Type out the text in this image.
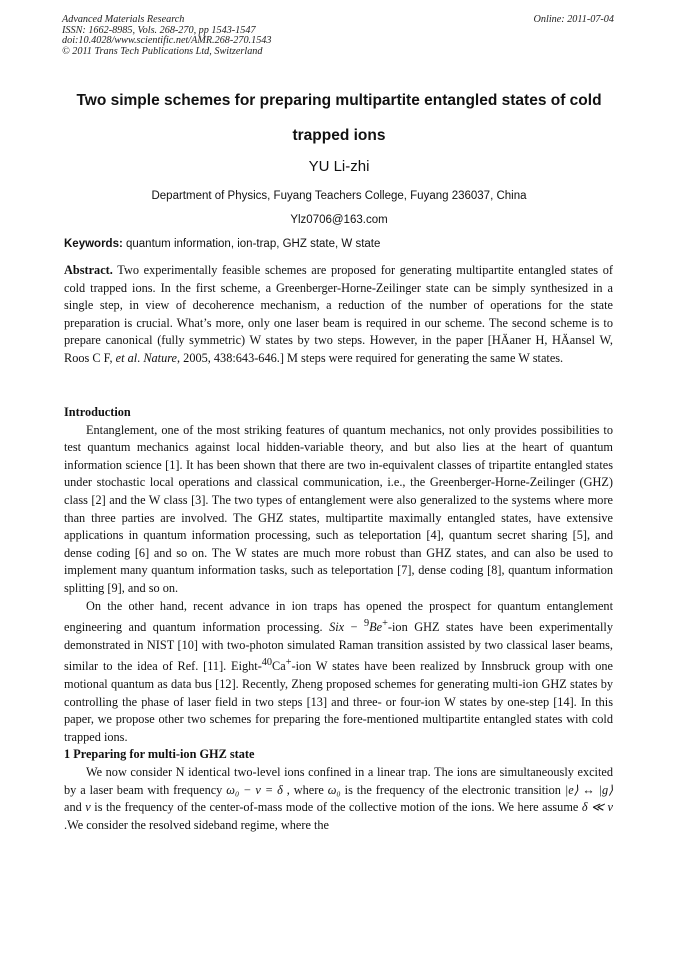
Advanced Materials Research
ISSN: 1662-8985, Vols. 268-270, pp 1543-1547
doi:10.4028/www.scientific.net/AMR.268-270.1543
© 2011 Trans Tech Publications Ltd, Switzerland
Online: 2011-07-04
Two simple schemes for preparing multipartite entangled states of cold
trapped ions
YU Li-zhi
Department of Physics, Fuyang Teachers College, Fuyang 236037, China
Ylz0706@163.com
Keywords: quantum information, ion-trap, GHZ state, W state

Abstract. Two experimentally feasible schemes are proposed for generating multipartite entangled states of cold trapped ions. In the first scheme, a Greenberger-Horne-Zeilinger state can be simply synthesized in a single step, in view of decoherence mechanism, a reduction of the number of operations for the state preparation is crucial. What’s more, only one laser beam is required in our scheme. The second scheme is to prepare canonical (fully symmetric) W states by two steps. However, in the paper [HÄaner H, HÄansel W, Roos C F, et al. Nature, 2005, 438:643-646.] M steps were required for generating the same W states.

Introduction

Entanglement, one of the most striking features of quantum mechanics, not only provides possibilities to test quantum mechanics against local hidden-variable theory, and but also lies at the heart of quantum information science [1]. It has been shown that there are two in-equivalent classes of tripartite entangled states under stochastic local operations and classical communication, i.e., the Greenberger-Horne-Zeilinger (GHZ) class [2] and the W class [3]. The two types of entanglement were also generalized to the systems where more than three parties are involved. The GHZ states, multipartite maximally entangled states, have extensive applications in quantum information processing, such as teleportation [4], quantum secret sharing [5], and dense coding [6] and so on. The W states are much more robust than GHZ states, and can also be used to implement many quantum information tasks, such as teleportation [7], dense coding [8], quantum information splitting [9], and so on.

On the other hand, recent advance in ion traps has opened the prospect for quantum entanglement engineering and quantum information processing. Six − $^9$Be+-ion GHZ states have been experimentally demonstrated in NIST [10] with two-photon simulated Raman transition assisted by two classical laser beams, similar to the idea of Ref. [11]. Eight-$^{40}$Ca+-ion W states have been realized by Innsbruck group with one motional quantum as data bus [12]. Recently, Zheng proposed schemes for generating multi-ion GHZ states by controlling the phase of laser field in two steps [13] and three- or four-ion W states by one-step [14]. In this paper, we propose other two schemes for preparing the fore-mentioned multipartite entangled states with cold trapped ions.

1 Preparing for multi-ion GHZ state

We now consider N identical two-level ions confined in a linear trap. The ions are simultaneously excited by a laser beam with frequency ω₀ − ν = δ , where ω₀ is the frequency of the electronic transition |e⟩ ↔ |g⟩ and ν is the frequency of the center-of-mass mode of the collective motion of the ions. We here assume δ ≪ ν .We consider the resolved sideband regime, where the
